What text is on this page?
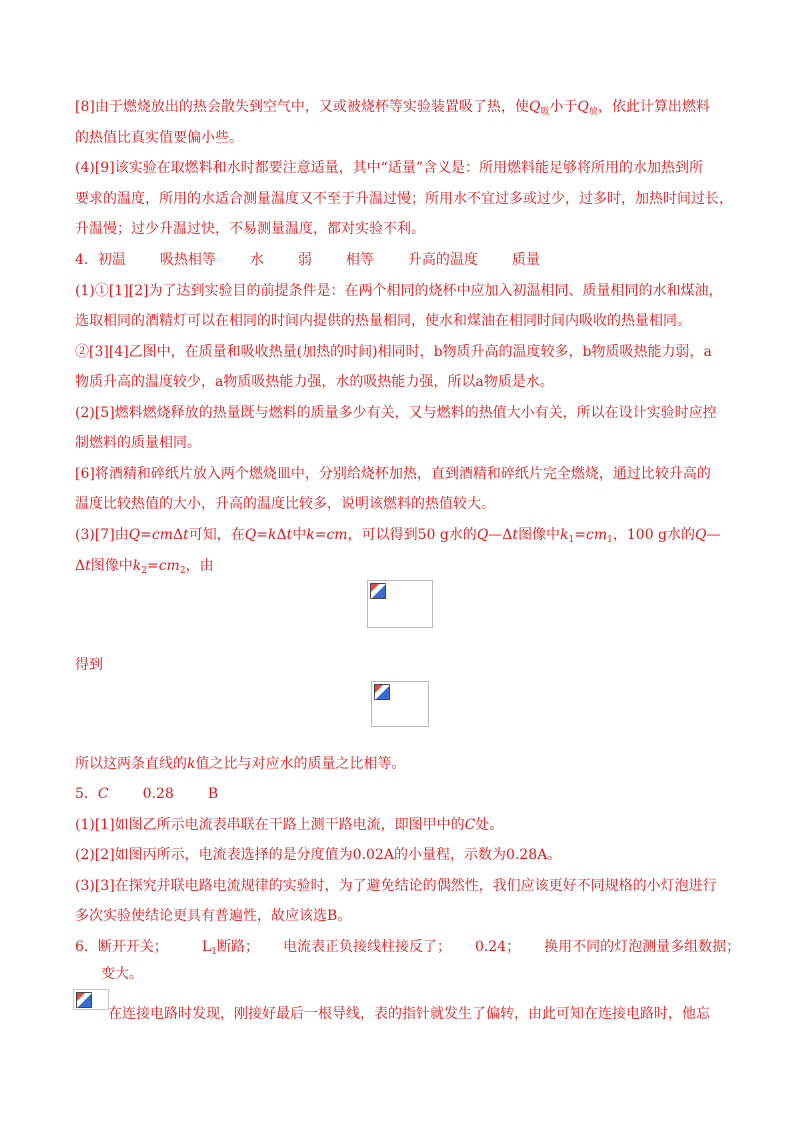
[8]由于燃烧放出的热会散失到空气中，又或被烧杯等实验装置吸了热，使$Q_吸$小于$Q_放$，依此计算出燃料
的热值比真实值要偏小些。
(4)[9]该实验在取燃料和水时都要注意适量，其中“适量”含义是：所用燃料能足够将所用的水加热到所
要求的温度，所用的水适合测量温度又不至于升温过慢；所用水不宜过多或过少，过多时，加热时间过长，
升温慢；过少升温过快，不易测量温度，都对实验不利。
4．初温 吸热相等 水 弱 相等 升高的温度 质量
(1)①[1][2]为了达到实验目的前提条件是：在两个相同的烧杯中应加入初温相同、质量相同的水和煤油，
选取相同的酒精灯可以在相同的时间内提供的热量相同，使水和煤油在相同时间内吸收的热量相同。
②[3][4]乙图中，在质量和吸收热量(加热的时间)相同时，b物质升高的温度较多，b物质吸热能力弱，a
物质升高的温度较少，a物质吸热能力强，水的吸热能力强，所以a物质是水。
(2)[5]燃料燃烧释放的热量既与燃料的质量多少有关，又与燃料的热值大小有关，所以在设计实验时应控
制燃料的质量相同。
[6]将酒精和碎纸片放入两个燃烧皿中，分别给烧杯加热，直到酒精和碎纸片完全燃烧，通过比较升高的
温度比较热值的大小，升高的温度比较多，说明该燃料的热值较大。
(3)[7]由Q=cmΔt可知，在Q=kΔt中k=cm，可以得到50 g水的Q—Δt图像中$k_1=cm_1$，100 g水的Q—
Δt图像中$k_2=cm_2$，由
得到
所以这两条直线的k值之比与对应水的质量之比相等。
5．C 0.28 B
(1)[1]如图乙所示电流表串联在干路上测干路电流，即图甲中的C处。
(2)[2]如图丙所示，电流表选择的是分度值为0.02A的小量程，示数为0.28A。
(3)[3]在探究并联电路电流规律的实验时，为了避免结论的偶然性，我们应该更好不同规格的小灯泡进行
多次实验使结论更具有普遍性，故应该选B。
6．断开开关； $L_1$断路； 电流表正负接线柱接反了； 0.24； 换用不同的灯泡测量多组数据；
变大。
在连接电路时发现，刚接好最后一根导线，表的指针就发生了偏转，由此可知在连接电路时，他忘
